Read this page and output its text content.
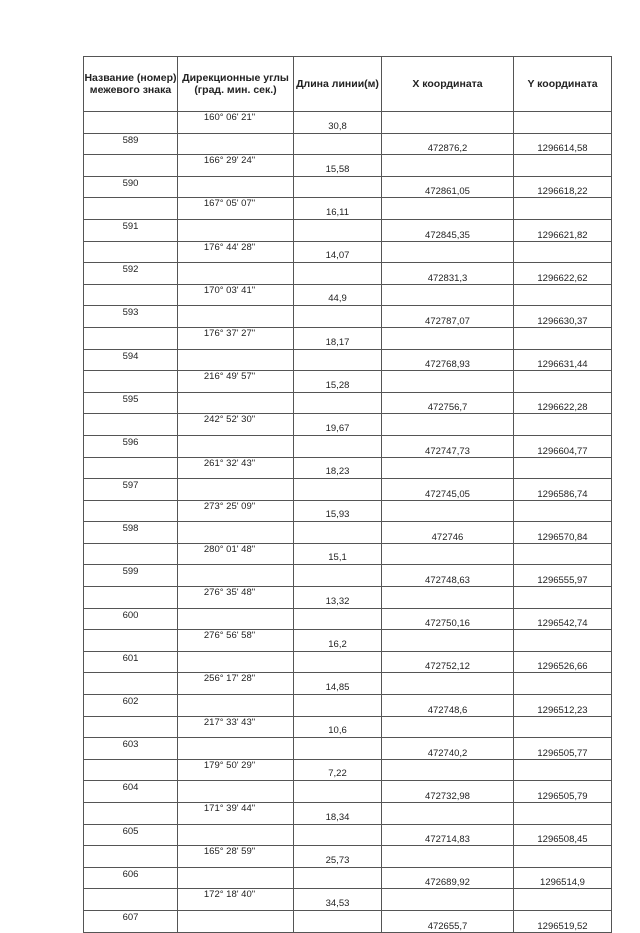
Название (номер) межевого знака	Дирекционные углы (град. мин. сек.)	Длина линии(м)	X координата	Y координата
	160° 06' 21"	30,8		
589			472876,2	1296614,58
	166° 29' 24"	15,58		
590			472861,05	1296618,22
	167° 05' 07"	16,11		
591			472845,35	1296621,82
	176° 44' 28"	14,07		
592			472831,3	1296622,62
	170° 03' 41"	44,9		
593			472787,07	1296630,37
	176° 37' 27"	18,17		
594			472768,93	1296631,44
	216° 49' 57"	15,28		
595			472756,7	1296622,28
	242° 52' 30"	19,67		
596			472747,73	1296604,77
	261° 32' 43"	18,23		
597			472745,05	1296586,74
	273° 25' 09"	15,93		
598			472746	1296570,84
	280° 01' 48"	15,1		
599			472748,63	1296555,97
	276° 35' 48"	13,32		
600			472750,16	1296542,74
	276° 56' 58"	16,2		
601			472752,12	1296526,66
	256° 17' 28"	14,85		
602			472748,6	1296512,23
	217° 33' 43"	10,6		
603			472740,2	1296505,77
	179° 50' 29"	7,22		
604			472732,98	1296505,79
	171° 39' 44"	18,34		
605			472714,83	1296508,45
	165° 28' 59"	25,73		
606			472689,92	1296514,9
	172° 18' 40"	34,53		
607			472655,7	1296519,52
